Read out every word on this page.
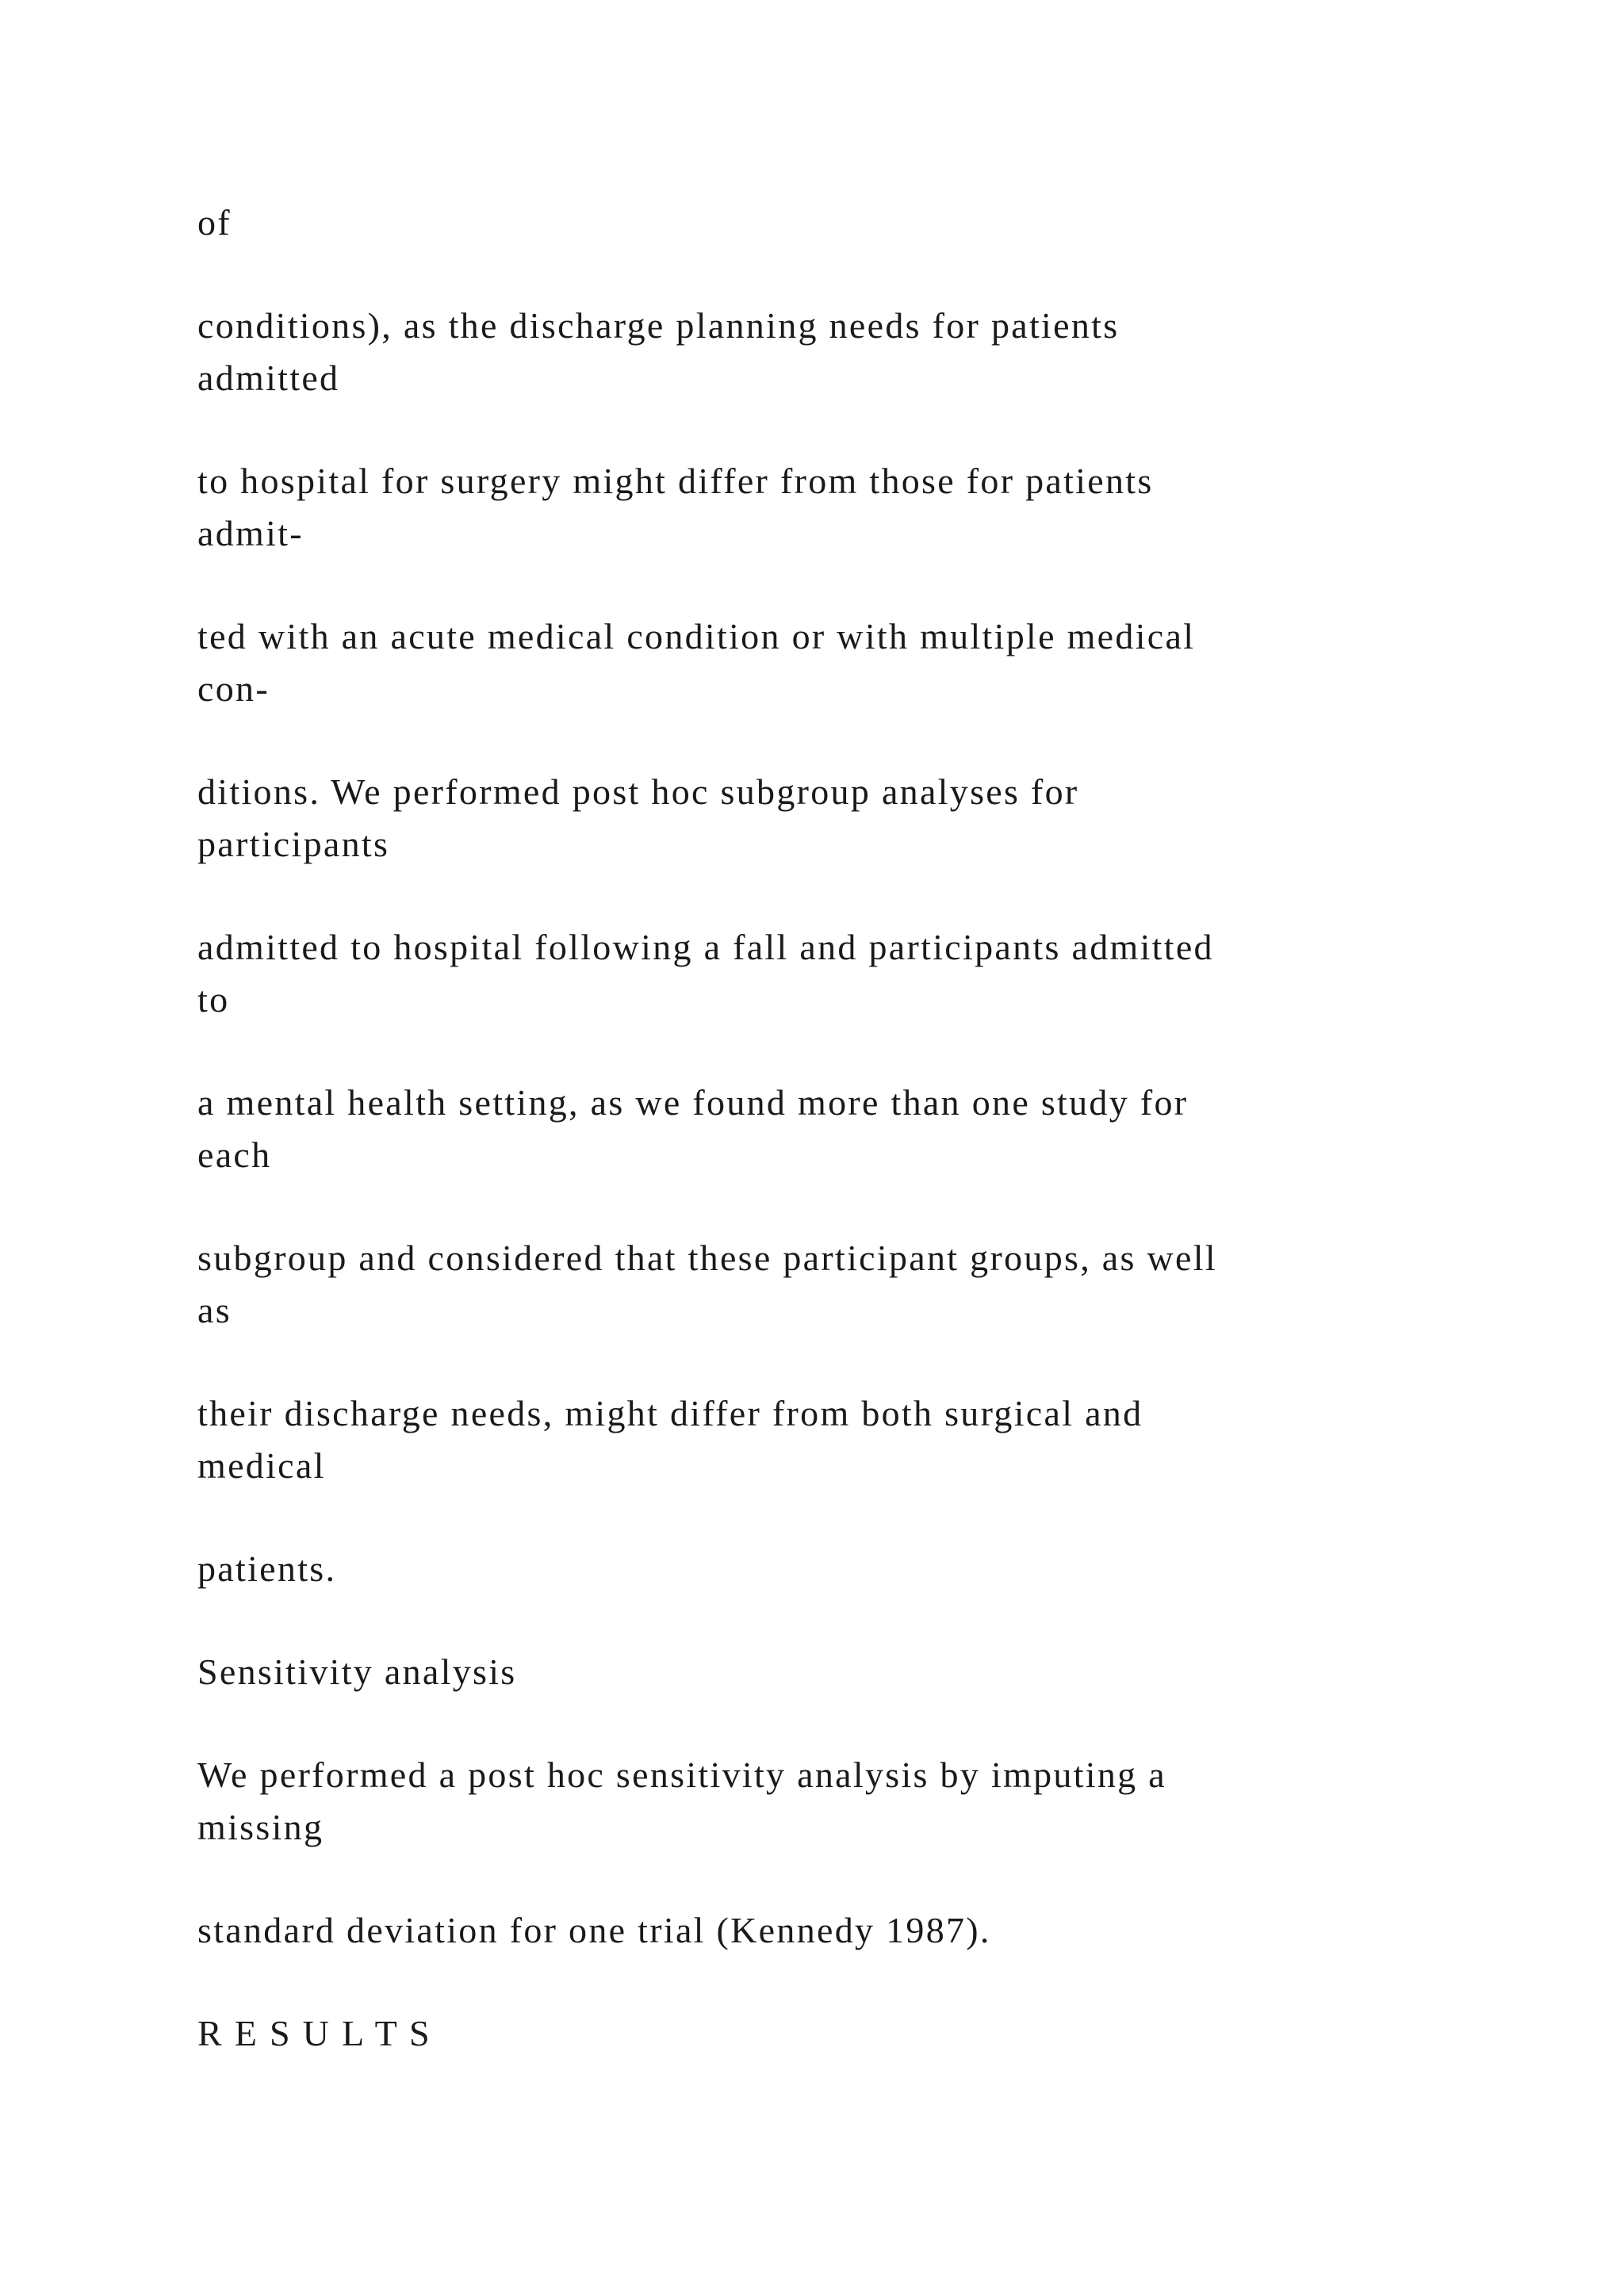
of

conditions), as the discharge planning needs for patients
admitted

to hospital for surgery might differ from those for patients
admit-

ted with an acute medical condition or with multiple medical
con-

ditions. We performed post hoc subgroup analyses for
participants

admitted to hospital following a fall and participants admitted
to

a mental health setting, as we found more than one study for
each

subgroup and considered that these participant groups, as well
as

their discharge needs, might differ from both surgical and
medical

patients.

Sensitivity analysis

We performed a post hoc sensitivity analysis by imputing a
missing

standard deviation for one trial (Kennedy 1987).

R E S U L T S
